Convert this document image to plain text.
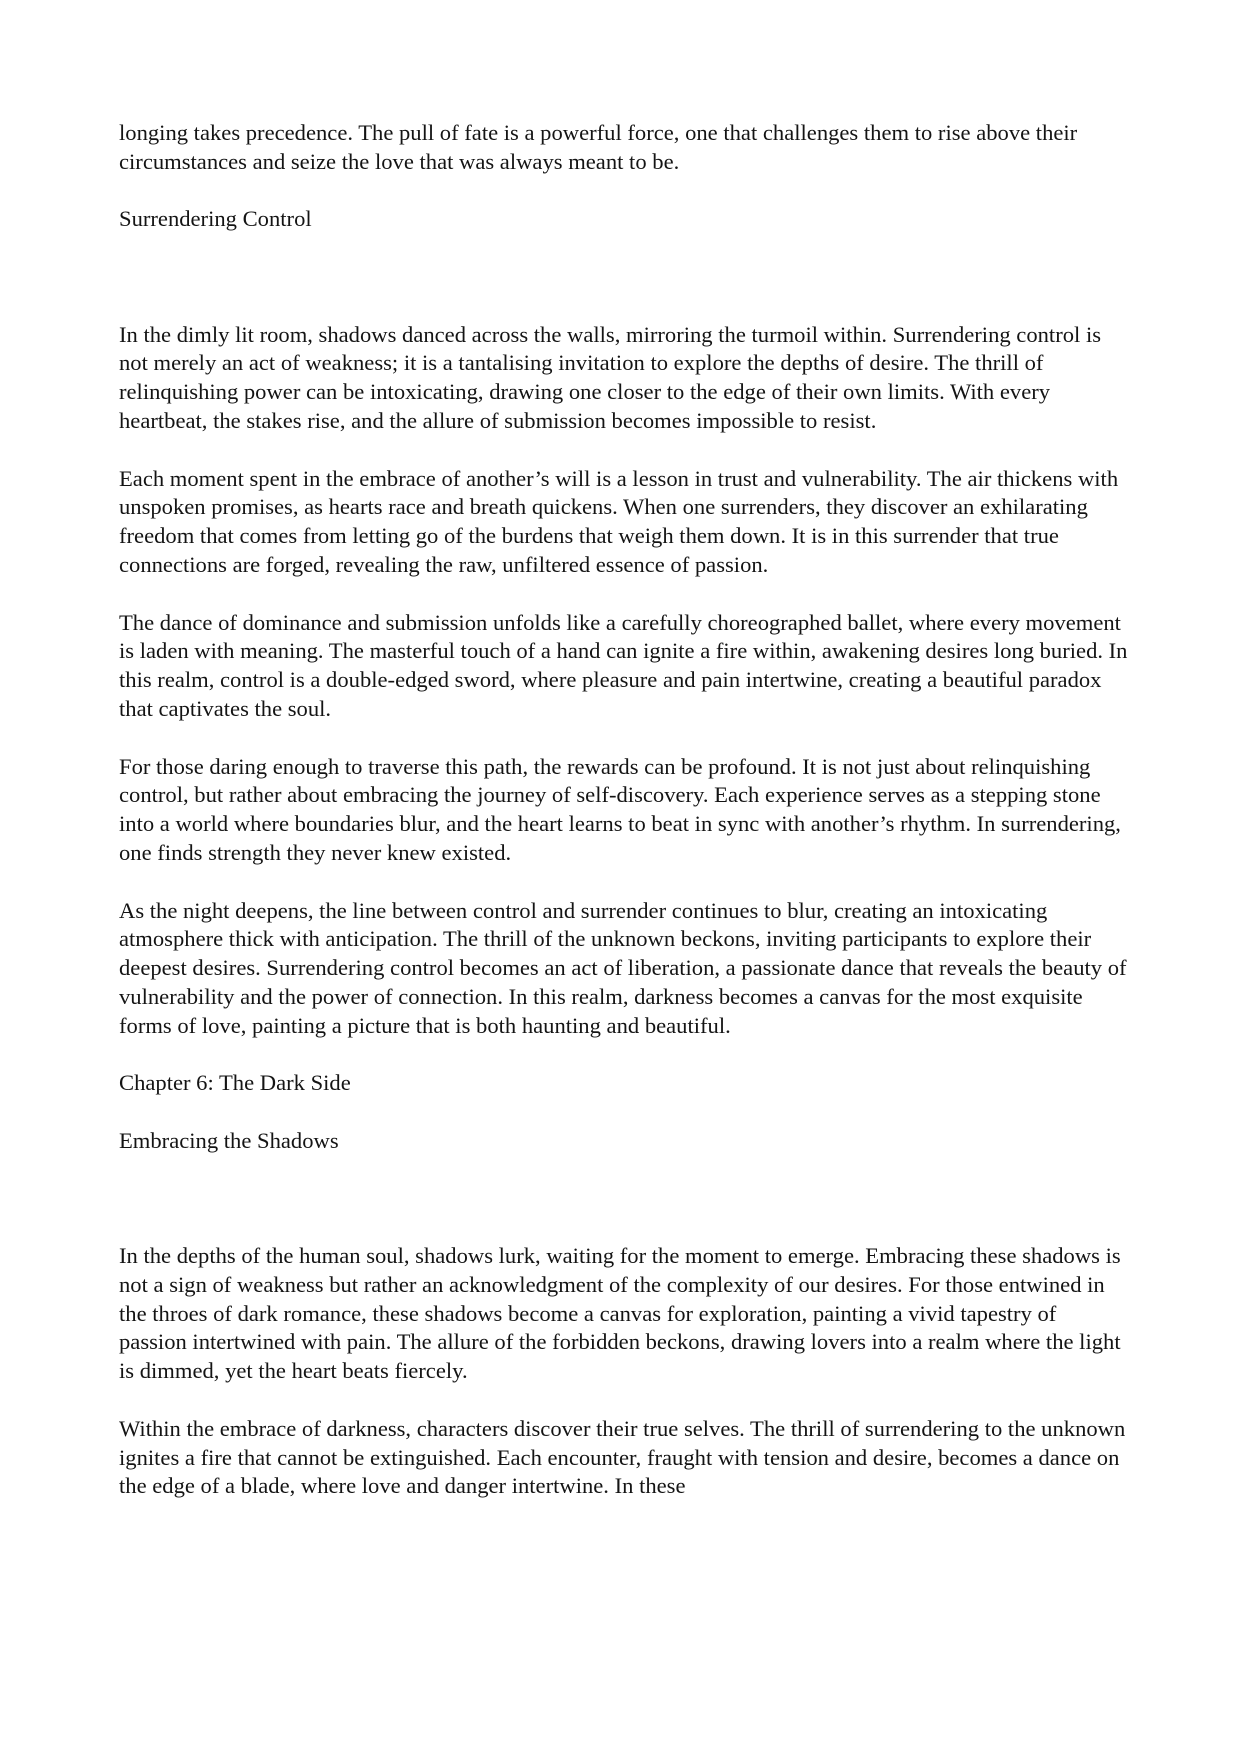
longing takes precedence. The pull of fate is a powerful force, one that challenges them to rise above their circumstances and seize the love that was always meant to be.

Surrendering Control

In the dimly lit room, shadows danced across the walls, mirroring the turmoil within. Surrendering control is not merely an act of weakness; it is a tantalising invitation to explore the depths of desire. The thrill of relinquishing power can be intoxicating, drawing one closer to the edge of their own limits. With every heartbeat, the stakes rise, and the allure of submission becomes impossible to resist.

Each moment spent in the embrace of another’s will is a lesson in trust and vulnerability. The air thickens with unspoken promises, as hearts race and breath quickens. When one surrenders, they discover an exhilarating freedom that comes from letting go of the burdens that weigh them down. It is in this surrender that true connections are forged, revealing the raw, unfiltered essence of passion.

The dance of dominance and submission unfolds like a carefully choreographed ballet, where every movement is laden with meaning. The masterful touch of a hand can ignite a fire within, awakening desires long buried. In this realm, control is a double-edged sword, where pleasure and pain intertwine, creating a beautiful paradox that captivates the soul.

For those daring enough to traverse this path, the rewards can be profound. It is not just about relinquishing control, but rather about embracing the journey of self-discovery. Each experience serves as a stepping stone into a world where boundaries blur, and the heart learns to beat in sync with another’s rhythm. In surrendering, one finds strength they never knew existed.

As the night deepens, the line between control and surrender continues to blur, creating an intoxicating atmosphere thick with anticipation. The thrill of the unknown beckons, inviting participants to explore their deepest desires. Surrendering control becomes an act of liberation, a passionate dance that reveals the beauty of vulnerability and the power of connection. In this realm, darkness becomes a canvas for the most exquisite forms of love, painting a picture that is both haunting and beautiful.

Chapter 6: The Dark Side

Embracing the Shadows

In the depths of the human soul, shadows lurk, waiting for the moment to emerge. Embracing these shadows is not a sign of weakness but rather an acknowledgment of the complexity of our desires. For those entwined in the throes of dark romance, these shadows become a canvas for exploration, painting a vivid tapestry of passion intertwined with pain. The allure of the forbidden beckons, drawing lovers into a realm where the light is dimmed, yet the heart beats fiercely.

Within the embrace of darkness, characters discover their true selves. The thrill of surrendering to the unknown ignites a fire that cannot be extinguished. Each encounter, fraught with tension and desire, becomes a dance on the edge of a blade, where love and danger intertwine. In these
